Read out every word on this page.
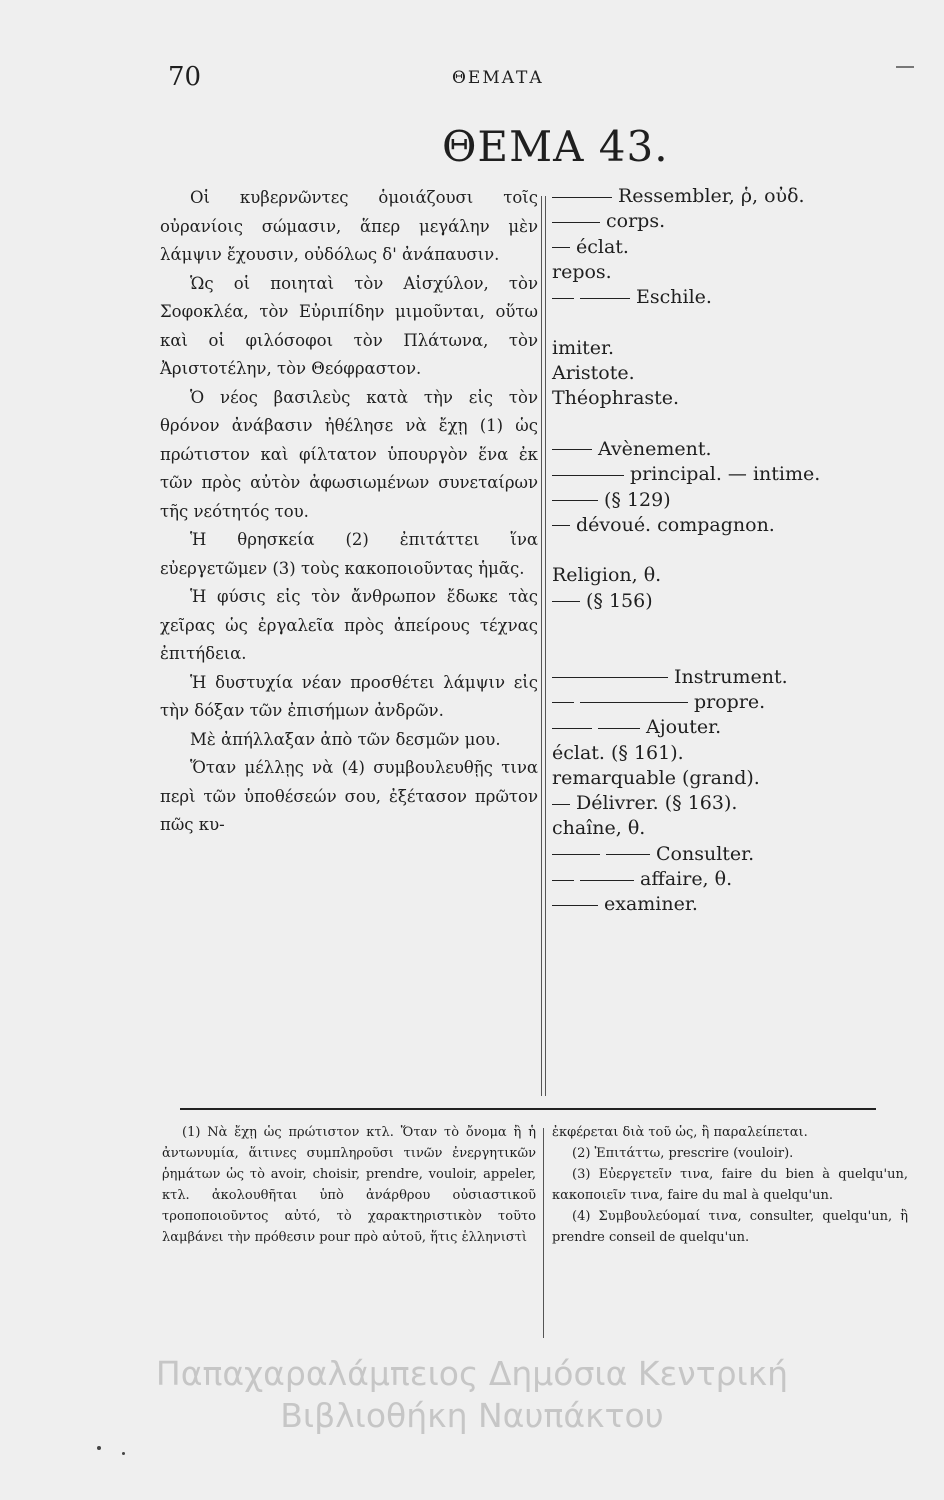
70	ΘΕΜΑΤΑ
ΘΕΜΑ 43.

Οἱ κυβερνῶντες ὁμοιάζουσι τοῖς οὐρανίοις σώμασιν, ἅπερ μεγάλην μὲν λάμψιν ἔχουσιν, οὐδόλως δ' ἀνάπαυσιν.

Ὡς οἱ ποιηταὶ τὸν Αἰσχύλον, τὸν Σοφοκλέα, τὸν Εὐριπίδην μιμοῦνται, οὕτω καὶ οἱ φιλόσοφοι τὸν Πλάτωνα, τὸν Ἀριστοτέλην, τὸν Θεόφραστον.

Ὁ νέος βασιλεὺς κατὰ τὴν εἰς τὸν θρόνον ἀνάβασιν ἠθέλησε νὰ ἔχῃ (1) ὡς πρώτιστον καὶ φίλτατον ὑπουργὸν ἕνα ἐκ τῶν πρὸς αὐτὸν ἀφωσιωμένων συνεταίρων τῆς νεότητός του.

Ἡ θρησκεία (2) ἐπιτάττει ἵνα εὐεργετῶμεν (3) τοὺς κακοποιοῦντας ἡμᾶς.

Ἡ φύσις εἰς τὸν ἄνθρωπον ἔδωκε τὰς χεῖρας ὡς ἐργαλεῖα πρὸς ἀπείρους τέχνας ἐπιτήδεια.

Ἡ δυστυχία νέαν προσθέτει λάμψιν εἰς τὴν δόξαν τῶν ἐπισήμων ἀνδρῶν.

Μὲ ἀπήλλαξαν ἀπὸ τῶν δεσμῶν μου.

Ὅταν μέλλῃς νὰ (4) συμβουλευθῇς τινα περὶ τῶν ὑποθέσεών σου, ἐξέτασον πρῶτον πῶς κυ-

Ressembler, ῥ, οὐδ.
corps.
éclat.
repos.
Eschile.
imiter.
Aristote.
Théophraste.
Avènement.
principal. — intime.
(§ 129)
dévoué. compagnon.
Religion, θ.
(§ 156)
Instrument.
propre.
Ajouter.
éclat. (§ 161).
remarquable (grand).
Délivrer. (§ 163).
chaîne, θ.
Consulter.
affaire, θ.
examiner.

(1) Νὰ ἔχῃ ὡς πρώτιστον κτλ. Ὅταν τὸ ὄνομα ἢ ἡ ἀντωνυμία, ἅιτινες συμπληροῦσι τινῶν ἐνεργητικῶν ῥημάτων ὡς τὸ avoir, choisir, prendre, vouloir, appeler, κτλ. ἀκολουθῆται ὑπὸ ἀνάρθρου οὐσιαστικοῦ τροποποιοῦντος αὐτό, τὸ χαρακτηριστικὸν τοῦτο λαμβάνει τὴν πρόθεσιν pour πρὸ αὐτοῦ, ἥτις ἑλληνιστὶ

ἐκφέρεται διὰ τοῦ ὡς, ἢ παραλείπεται.

(2) Ἐπιτάττω, prescrire (vouloir).

(3) Εὐεργετεῖν τινα, faire du bien à quelqu'un, κακοποιεῖν τινα, faire du mal à quelqu'un.

(4) Συμβουλεύομαί τινα, consulter, quelqu'un, ἢ prendre conseil de quelqu'un.

Παπαχαραλάμπειος Δημόσια Κεντρική
Βιβλιοθήκη Ναυπάκτου
